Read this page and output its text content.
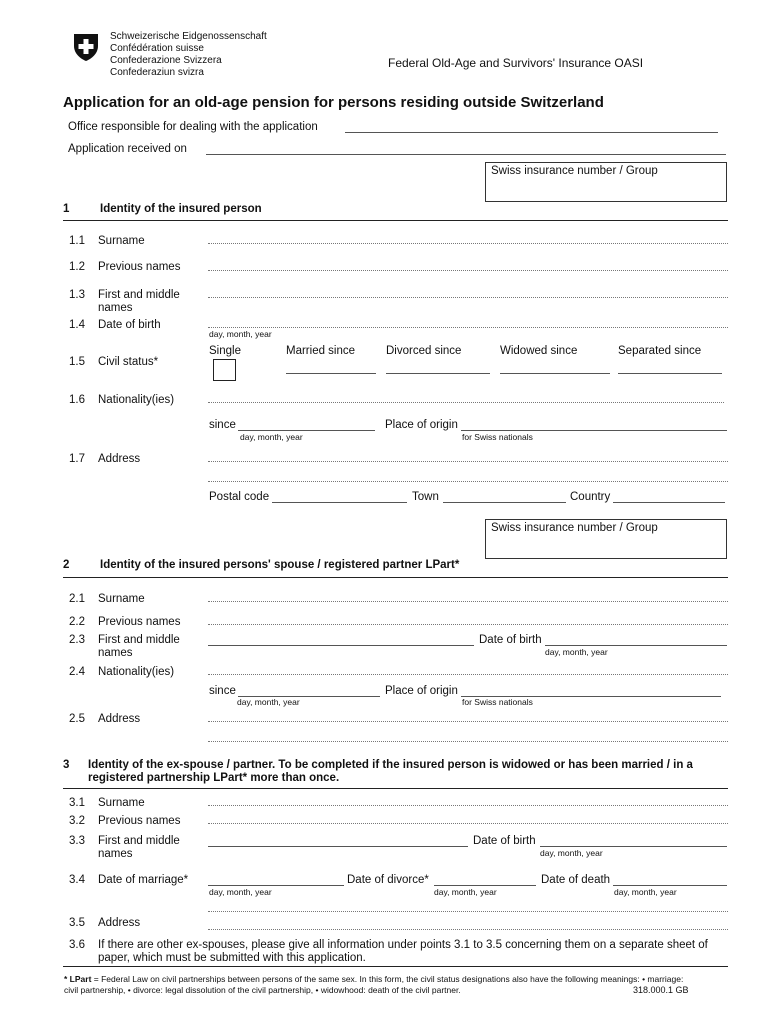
Schweizerische Eidgenossenschaft
Confédération suisse
Confederazione Svizzera
Confederaziun svizra
Federal Old-Age and Survivors' Insurance OASI
Application for an old-age pension for persons residing outside Switzerland
Office responsible for dealing with the application
Application received on
Swiss insurance number / Group
1	Identity of the insured person
1.1 Surname
1.2 Previous names
1.3 First and middle names
1.4 Date of birth
day, month, year
1.5 Civil status*
Single	Married since	Divorced since	Widowed since	Separated since
1.6 Nationality(ies)
since
day, month, year
Place of origin
for Swiss nationals
1.7 Address
Postal code	Town	Country
Swiss insurance number / Group
2	Identity of the insured persons' spouse / registered partner LPart*
2.1 Surname
2.2 Previous names
2.3 First and middle names
Date of birth
day, month, year
2.4 Nationality(ies)
since
day, month, year
Place of origin
for Swiss nationals
2.5 Address
3 Identity of the ex-spouse / partner. To be completed if the insured person is widowed or has been married / in a
registered partnership LPart* more than once.
3.1 Surname
3.2 Previous names
3.3 First and middle names
Date of birth
day, month, year
3.4 Date of marriage*
day, month, year
Date of divorce*
day, month, year
Date of death
day, month, year
3.5 Address
3.6 If there are other ex-spouses, please give all information under points 3.1 to 3.5 concerning them on a separate sheet of
paper, which must be submitted with this application.
* LPart = Federal Law on civil partnerships between persons of the same sex. In this form, the civil status designations also have the following meanings: • marriage:
civil partnership, • divorce: legal dissolution of the civil partnership, • widowhood: death of the civil partner.	318.000.1 GB
